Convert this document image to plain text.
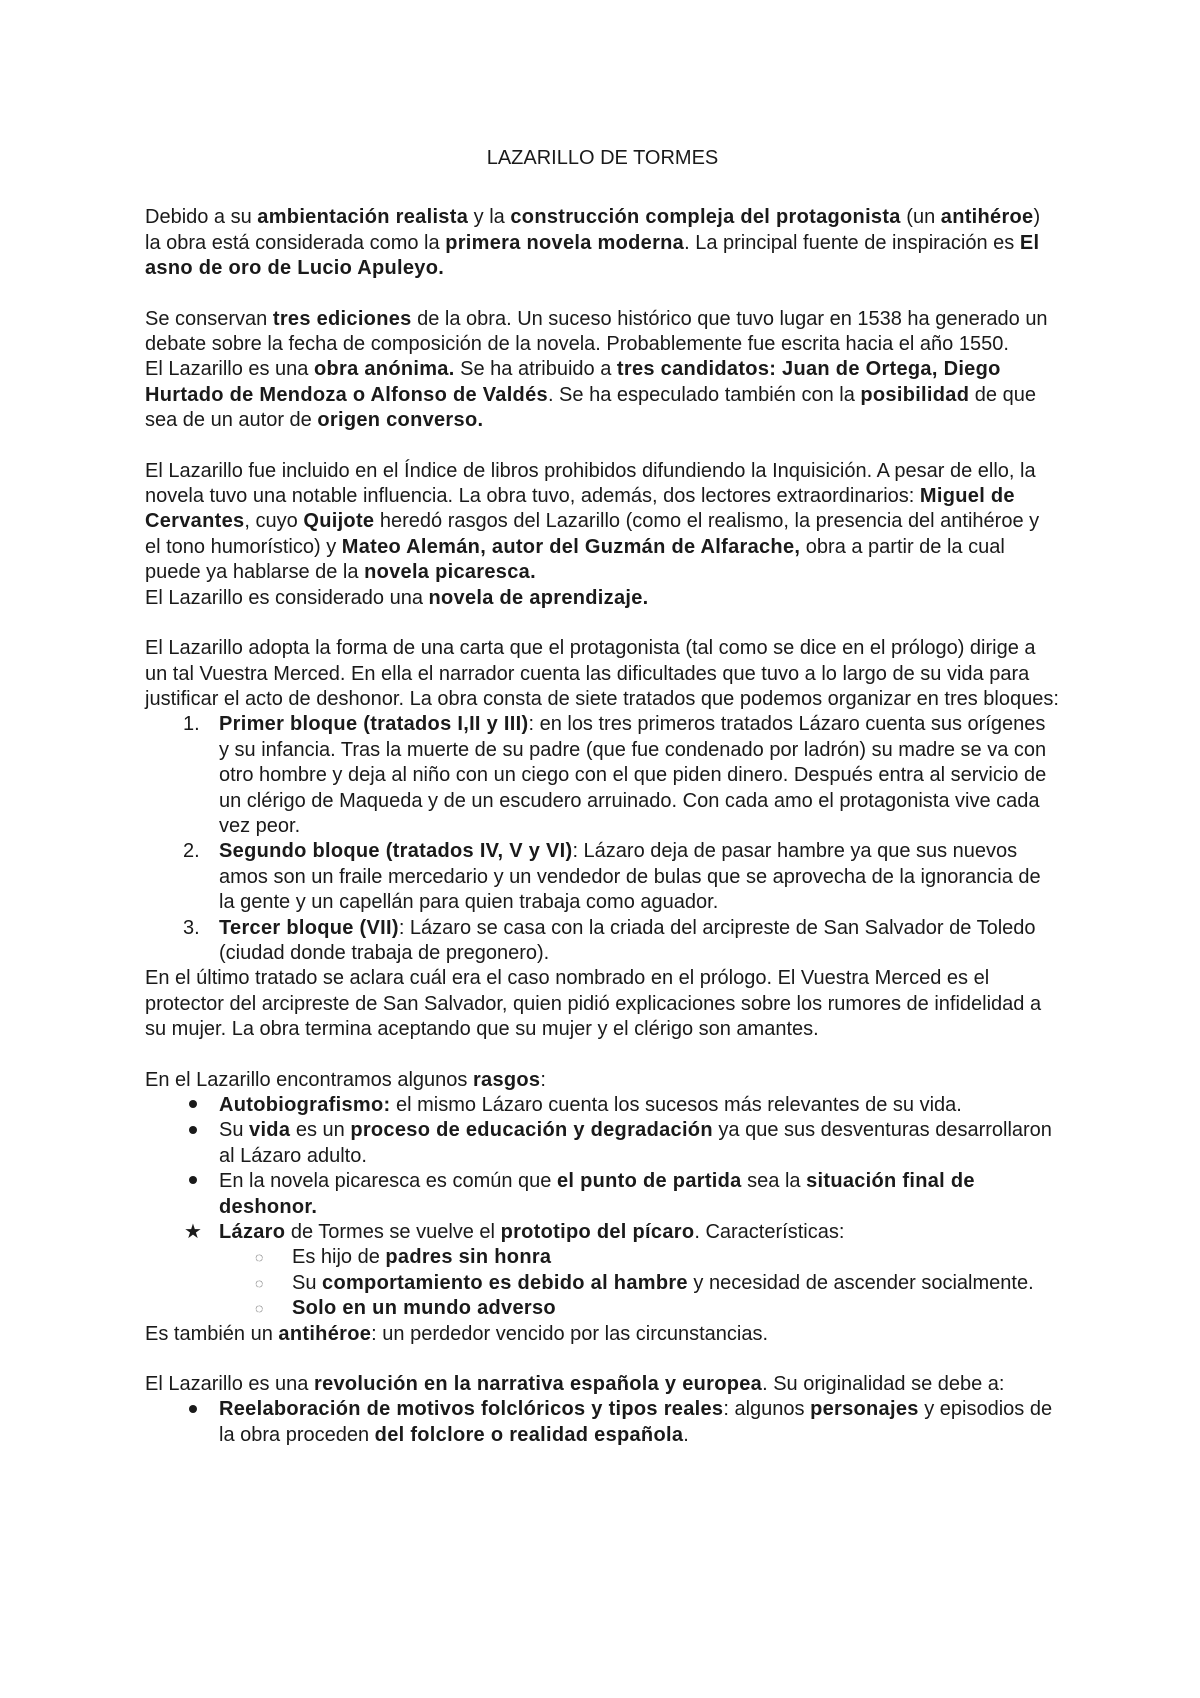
LAZARILLO DE TORMES

Debido a su ambientación realista y la construcción compleja del protagonista (un antihéroe) la obra está considerada como la primera novela moderna. La principal fuente de inspiración es El asno de oro de Lucio Apuleyo.

Se conservan tres ediciones de la obra. Un suceso histórico que tuvo lugar en 1538 ha generado un debate sobre la fecha de composición de la novela. Probablemente fue escrita hacia el año 1550.

El Lazarillo es una obra anónima. Se ha atribuido a tres candidatos: Juan de Ortega, Diego Hurtado de Mendoza o Alfonso de Valdés. Se ha especulado también con la posibilidad de que sea de un autor de origen converso.

El Lazarillo fue incluido en el Índice de libros prohibidos difundiendo la Inquisición. A pesar de ello, la novela tuvo una notable influencia. La obra tuvo, además, dos lectores extraordinarios: Miguel de Cervantes, cuyo Quijote heredó rasgos del Lazarillo (como el realismo, la presencia del antihéroe y el tono humorístico) y Mateo Alemán, autor del Guzmán de Alfarache, obra a partir de la cual puede ya hablarse de la novela picaresca.

El Lazarillo es considerado una novela de aprendizaje.

El Lazarillo adopta la forma de una carta que el protagonista (tal como se dice en el prólogo) dirige a un tal Vuestra Merced. En ella el narrador cuenta las dificultades que tuvo a lo largo de su vida para justificar el acto de deshonor. La obra consta de siete tratados que podemos organizar en tres bloques:

1. Primer bloque (tratados I,II y III): en los tres primeros tratados Lázaro cuenta sus orígenes y su infancia. Tras la muerte de su padre (que fue condenado por ladrón) su madre se va con otro hombre y deja al niño con un ciego con el que piden dinero. Después entra al servicio de un clérigo de Maqueda y de un escudero arruinado. Con cada amo el protagonista vive cada vez peor.
2. Segundo bloque (tratados IV, V y VI): Lázaro deja de pasar hambre ya que sus nuevos amos son un fraile mercedario y un vendedor de bulas que se aprovecha de la ignorancia de la gente y un capellán para quien trabaja como aguador.
3. Tercer bloque (VII): Lázaro se casa con la criada del arcipreste de San Salvador de Toledo (ciudad donde trabaja de pregonero).

En el último tratado se aclara cuál era el caso nombrado en el prólogo. El Vuestra Merced es el protector del arcipreste de San Salvador, quien pidió explicaciones sobre los rumores de infidelidad a su mujer. La obra termina aceptando que su mujer y el clérigo son amantes.

En el Lazarillo encontramos algunos rasgos:

Autobiografismo: el mismo Lázaro cuenta los sucesos más relevantes de su vida.
Su vida es un proceso de educación y degradación ya que sus desventuras desarrollaron al Lázaro adulto.
En la novela picaresca es común que el punto de partida sea la situación final de deshonor.
★ Lázaro de Tormes se vuelve el prototipo del pícaro. Características:
◌ Es hijo de padres sin honra
◌ Su comportamiento es debido al hambre y necesidad de ascender socialmente.
◌ Solo en un mundo adverso

Es también un antihéroe: un perdedor vencido por las circunstancias.

El Lazarillo es una revolución en la narrativa española y europea. Su originalidad se debe a:

Reelaboración de motivos folclóricos y tipos reales: algunos personajes y episodios de la obra proceden del folclore o realidad española.
